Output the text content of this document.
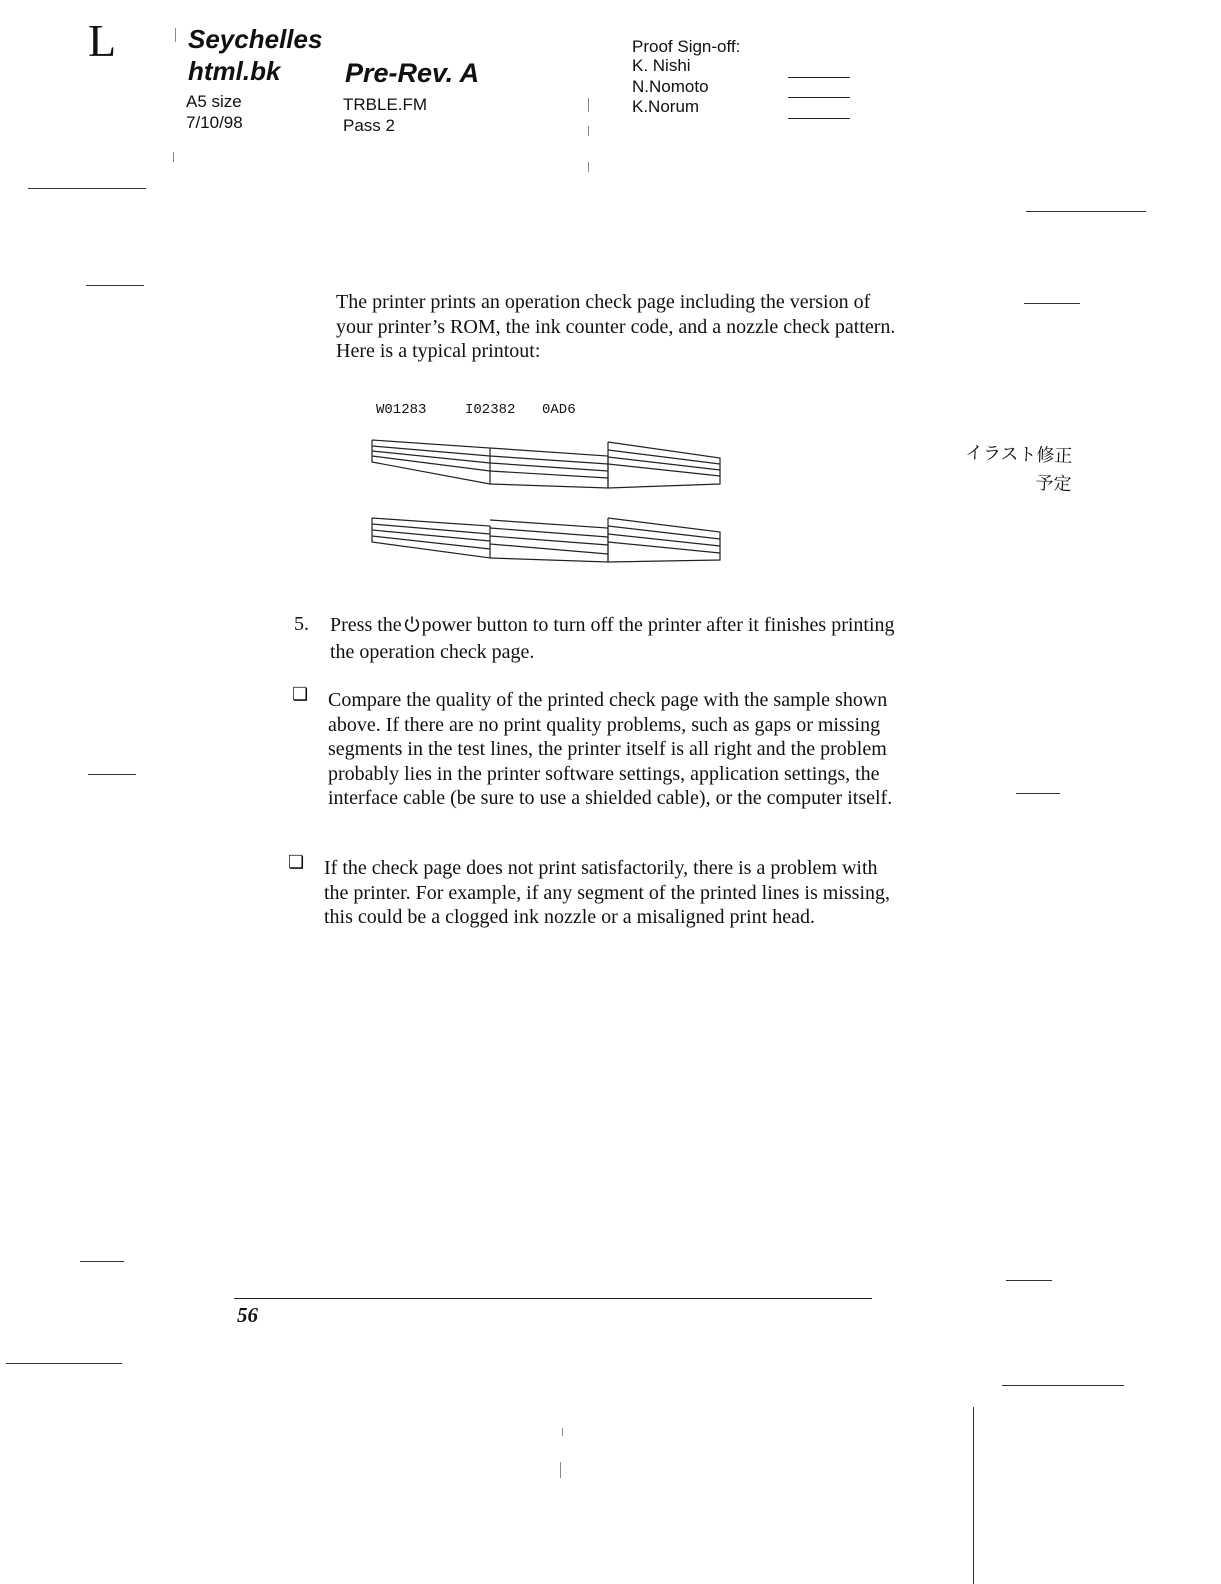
L	Seychelles
html.bk Pre-Rev. A
A5 size
7/10/98
TRBLE.FM
Pass 2
Proof Sign-off:
K. Nishi
N.Nomoto
K.Norum
The printer prints an operation check page including the version of your printer’s ROM, the ink counter code, and a nozzle check pattern. Here is a typical printout:
W01283	I02382 0AD6
イラスト修正
予定
5. Press the power button to turn off the printer after it finishes printing the operation check page.
❏ Compare the quality of the printed check page with the sample shown above. If there are no print quality problems, such as gaps or missing segments in the test lines, the printer itself is all right and the problem probably lies in the printer software settings, application settings, the interface cable (be sure to use a shielded cable), or the computer itself.
❏ If the check page does not print satisfactorily, there is a problem with the printer. For example, if any segment of the printed lines is missing, this could be a clogged ink nozzle or a misaligned print head.
56
